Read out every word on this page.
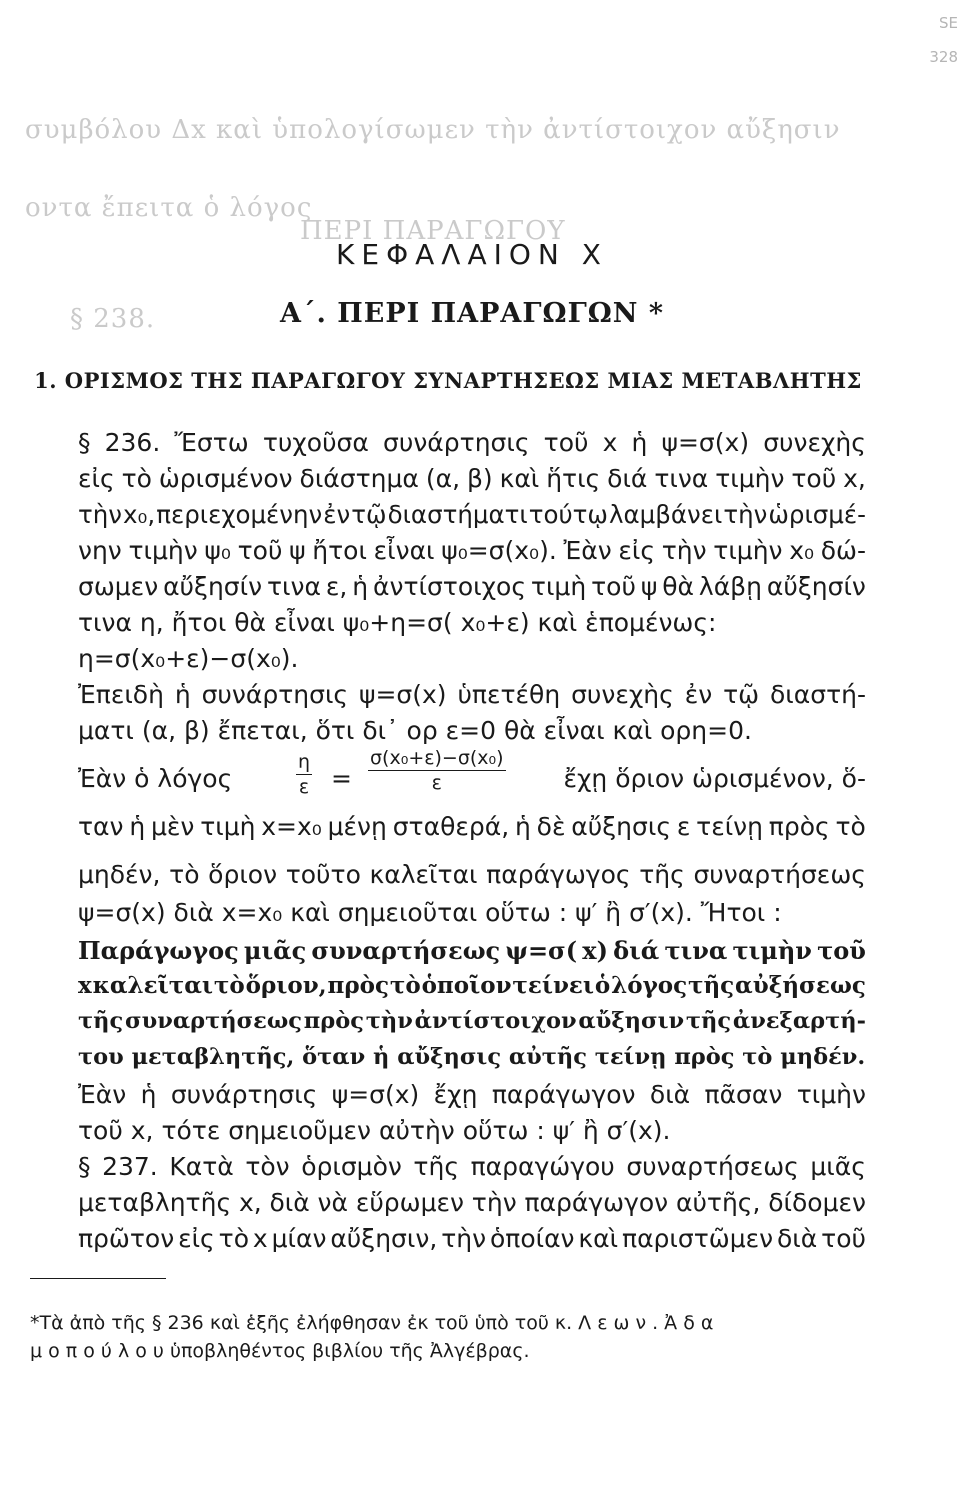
SE
328
συμβόλου Δx καὶ ὑπολογίσωμεν τὴν ἀντίστοιχον αὔξησιν
οντα ἔπειτα ὁ λόγος
ΠΕΡΙ ΠΑΡΑΓΩΓΟΥ
§ 238.
ΚΕΦΑΛΑΙΟΝ Χ
Α΄. ΠΕΡΙ ΠΑΡΑΓΩΓΩΝ *
1. ΟΡΙΣΜΟΣ ΤΗΣ ΠΑΡΑΓΩΓΟΥ ΣΥΝΑΡΤΗΣΕΩΣ ΜΙΑΣ ΜΕΤΑΒΛΗΤΗΣ
§ 236. Ἔστω τυχοῦσα συνάρτησις τοῦ x ἡ ψ=σ(x) συνεχὴς
εἰς τὸ ὡρισμένον διάστημα (α, β) καὶ ἥτις διά τινα τιμὴν τοῦ x,
τὴν x₀, περιεχομένην ἐν τῷ διαστήματι τούτῳ λαμβάνει τὴν ὡρισμέ-
νην τιμὴν ψ₀ τοῦ ψ ἤτοι εἶναι ψ₀=σ(x₀). Ἐὰν εἰς τὴν τιμὴν x₀ δώ-
σωμεν αὔξησίν τινα ε, ἡ ἀντίστοιχος τιμὴ τοῦ ψ θὰ λάβῃ αὔξησίν
τινα η, ἤτοι θὰ εἶναι ψ₀+η=σ( x₀+ε) καὶ ἑπομένως:
η=σ(x₀+ε)−σ(x₀).
Ἐπειδὴ ἡ συνάρτησις ψ=σ(x) ὑπετέθη συνεχὴς ἐν τῷ διαστή-
ματι (α, β) ἔπεται, ὅτι δι᾽ ορ ε=0 θὰ εἶναι καὶ ορη=0.
Ἐὰν ὁ λόγος	$\frac{\eta}{\varepsilon} = \frac{\text{σ(x₀+ε)−σ(x₀)}}{\varepsilon}$ ἔχῃ ὅριον ὡρισμένον, ὅ-
ταν ἡ μὲν τιμὴ x=x₀ μένῃ σταθερά, ἡ δὲ αὔξησις ε τείνῃ πρὸς τὸ
μηδέν, τὸ ὅριον τοῦτο καλεῖται παράγωγος τῆς συναρτήσεως
ψ=σ(x) διὰ x=x₀ καὶ σημειοῦται οὕτω : ψ′ ἢ σ′(x). Ἤτοι :
Παράγωγος μιᾶς συναρτήσεως ψ=σ( x) διά τινα τιμὴν τοῦ
x καλεῖται τὸ ὅριον, πρὸς τὸ ὁποῖον τείνει ὁ λόγος τῆς αὐξήσεως
τῆς συναρτήσεως πρὸς τὴν ἀντίστοιχον αὔξησιν τῆς ἀνεξαρτή-
του μεταβλητῆς, ὅταν ἡ αὔξησις αὐτῆς τείνῃ πρὸς τὸ μηδέν.
Ἐὰν ἡ συνάρτησις ψ=σ(x) ἔχῃ παράγωγον διὰ πᾶσαν τιμὴν
τοῦ x, τότε σημειοῦμεν αὐτὴν οὕτω : ψ′ ἢ σ′(x).
§ 237. Κατὰ τὸν ὁρισμὸν τῆς παραγώγου συναρτήσεως μιᾶς
μεταβλητῆς x, διὰ νὰ εὕρωμεν τὴν παράγωγον αὐτῆς, δίδομεν
πρῶτον εἰς τὸ x μίαν αὔξησιν, τὴν ὁποίαν καὶ παριστῶμεν διὰ τοῦ
*Τὰ ἀπὸ τῆς § 236 καὶ ἑξῆς ἐλήφθησαν ἐκ τοῦ ὑπὸ τοῦ κ. Λ ε ω ν . Ἀ δ α
μ ο π ο ύ λ ο υ ὑποβληθέντος βιβλίου τῆς Ἀλγέβρας.
